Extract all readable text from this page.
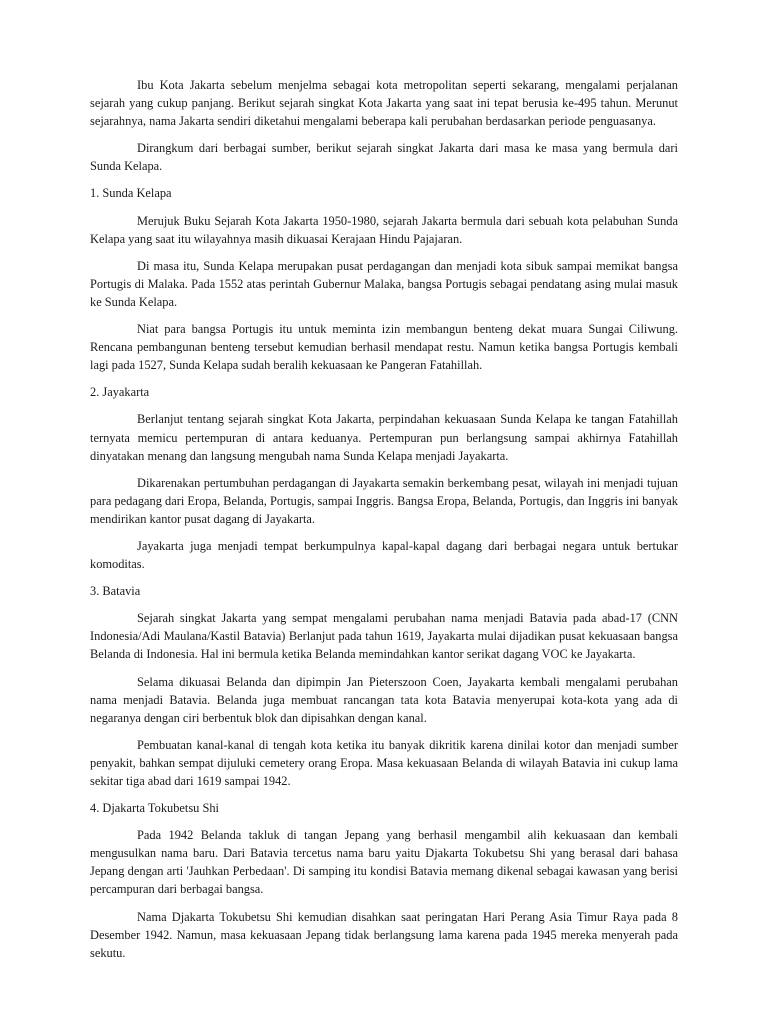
Ibu Kota Jakarta sebelum menjelma sebagai kota metropolitan seperti sekarang, mengalami perjalanan sejarah yang cukup panjang. Berikut sejarah singkat Kota Jakarta yang saat ini tepat berusia ke-495 tahun. Merunut sejarahnya, nama Jakarta sendiri diketahui mengalami beberapa kali perubahan berdasarkan periode penguasanya.

Dirangkum dari berbagai sumber, berikut sejarah singkat Jakarta dari masa ke masa yang bermula dari Sunda Kelapa.

1. Sunda Kelapa

Merujuk Buku Sejarah Kota Jakarta 1950-1980, sejarah Jakarta bermula dari sebuah kota pelabuhan Sunda Kelapa yang saat itu wilayahnya masih dikuasai Kerajaan Hindu Pajajaran.

Di masa itu, Sunda Kelapa merupakan pusat perdagangan dan menjadi kota sibuk sampai memikat bangsa Portugis di Malaka. Pada 1552 atas perintah Gubernur Malaka, bangsa Portugis sebagai pendatang asing mulai masuk ke Sunda Kelapa.

Niat para bangsa Portugis itu untuk meminta izin membangun benteng dekat muara Sungai Ciliwung. Rencana pembangunan benteng tersebut kemudian berhasil mendapat restu. Namun ketika bangsa Portugis kembali lagi pada 1527, Sunda Kelapa sudah beralih kekuasaan ke Pangeran Fatahillah.

2. Jayakarta

Berlanjut tentang sejarah singkat Kota Jakarta, perpindahan kekuasaan Sunda Kelapa ke tangan Fatahillah ternyata memicu pertempuran di antara keduanya. Pertempuran pun berlangsung sampai akhirnya Fatahillah dinyatakan menang dan langsung mengubah nama Sunda Kelapa menjadi Jayakarta.

Dikarenakan pertumbuhan perdagangan di Jayakarta semakin berkembang pesat, wilayah ini menjadi tujuan para pedagang dari Eropa, Belanda, Portugis, sampai Inggris. Bangsa Eropa, Belanda, Portugis, dan Inggris ini banyak mendirikan kantor pusat dagang di Jayakarta.

Jayakarta juga menjadi tempat berkumpulnya kapal-kapal dagang dari berbagai negara untuk bertukar komoditas.

3. Batavia

Sejarah singkat Jakarta yang sempat mengalami perubahan nama menjadi Batavia pada abad-17 (CNN Indonesia/Adi Maulana/Kastil Batavia) Berlanjut pada tahun 1619, Jayakarta mulai dijadikan pusat kekuasaan bangsa Belanda di Indonesia. Hal ini bermula ketika Belanda memindahkan kantor serikat dagang VOC ke Jayakarta.

Selama dikuasai Belanda dan dipimpin Jan Pieterszoon Coen, Jayakarta kembali mengalami perubahan nama menjadi Batavia. Belanda juga membuat rancangan tata kota Batavia menyerupai kota-kota yang ada di negaranya dengan ciri berbentuk blok dan dipisahkan dengan kanal.

Pembuatan kanal-kanal di tengah kota ketika itu banyak dikritik karena dinilai kotor dan menjadi sumber penyakit, bahkan sempat dijuluki cemetery orang Eropa. Masa kekuasaan Belanda di wilayah Batavia ini cukup lama sekitar tiga abad dari 1619 sampai 1942.

4. Djakarta Tokubetsu Shi

Pada 1942 Belanda takluk di tangan Jepang yang berhasil mengambil alih kekuasaan dan kembali mengusulkan nama baru. Dari Batavia tercetus nama baru yaitu Djakarta Tokubetsu Shi yang berasal dari bahasa Jepang dengan arti 'Jauhkan Perbedaan'. Di samping itu kondisi Batavia memang dikenal sebagai kawasan yang berisi percampuran dari berbagai bangsa.

Nama Djakarta Tokubetsu Shi kemudian disahkan saat peringatan Hari Perang Asia Timur Raya pada 8 Desember 1942. Namun, masa kekuasaan Jepang tidak berlangsung lama karena pada 1945 mereka menyerah pada sekutu.
